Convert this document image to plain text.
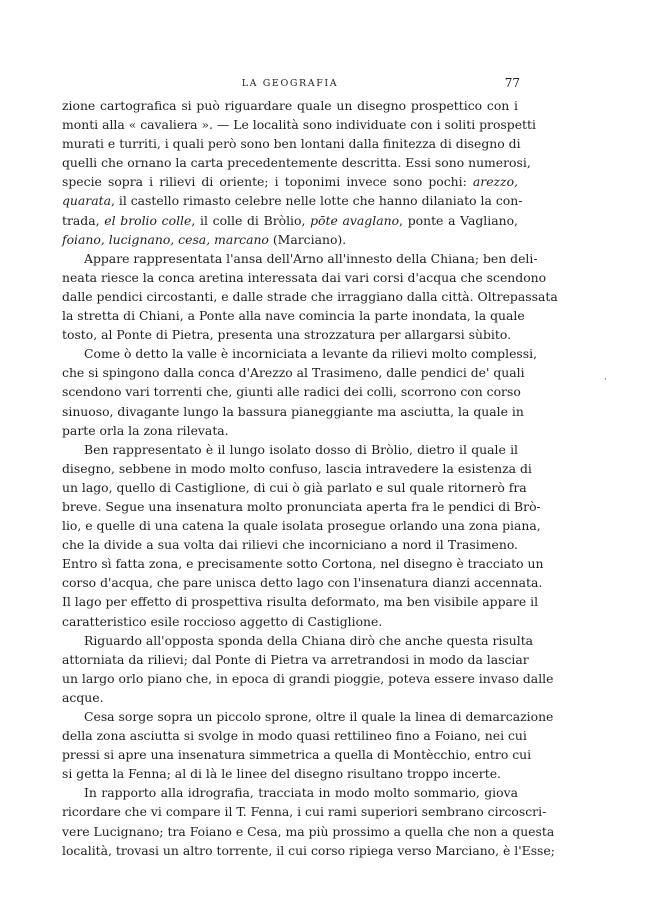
LA GEOGRAFIA	77
·
zione cartografica si può riguardare quale un disegno prospettico con i
monti alla « cavaliera ». — Le località sono individuate con i soliti prospetti
murati e turriti, i quali però sono ben lontani dalla finitezza di disegno di
quelli che ornano la carta precedentemente descritta. Essi sono numerosi,
specie sopra i rilievi di oriente; i toponimi invece sono pochi: arezzo,
quarata, il castello rimasto celebre nelle lotte che hanno dilaniato la con-
trada, el brolio colle, il colle di Bròlio, pōte avaglano, ponte a Vagliano,
foiano, lucignano, cesa, marcano (Marciano).
Appare rappresentata l'ansa dell'Arno all'innesto della Chiana; ben deli-
neata riesce la conca aretina interessata dai vari corsi d'acqua che scendono
dalle pendici circostanti, e dalle strade che irraggiano dalla città. Oltrepassata
la stretta di Chiani, a Ponte alla nave comincia la parte inondata, la quale
tosto, al Ponte di Pietra, presenta una strozzatura per allargarsi sùbito.
Come ò detto la valle è incorniciata a levante da rilievi molto complessi,
che si spingono dalla conca d'Arezzo al Trasimeno, dalle pendici de' quali
scendono vari torrenti che, giunti alle radici dei colli, scorrono con corso
sinuoso, divagante lungo la bassura pianeggiante ma asciutta, la quale in
parte orla la zona rilevata.
Ben rappresentato è il lungo isolato dosso di Bròlio, dietro il quale il
disegno, sebbene in modo molto confuso, lascia intravedere la esistenza di
un lago, quello di Castiglione, di cui ò già parlato e sul quale ritornerò fra
breve. Segue una insenatura molto pronunciata aperta fra le pendici di Brò-
lio, e quelle di una catena la quale isolata prosegue orlando una zona piana,
che la divide a sua volta dai rilievi che incorniciano a nord il Trasimeno.
Entro sì fatta zona, e precisamente sotto Cortona, nel disegno è tracciato un
corso d'acqua, che pare unisca detto lago con l'insenatura dianzi accennata.
Il lago per effetto di prospettiva risulta deformato, ma ben visibile appare il
caratteristico esile roccioso aggetto di Castiglione.
Riguardo all'opposta sponda della Chiana dirò che anche questa risulta
attorniata da rilievi; dal Ponte di Pietra va arretrandosi in modo da lasciar
un largo orlo piano che, in epoca di grandi pioggie, poteva essere invaso dalle
acque.
Cesa sorge sopra un piccolo sprone, oltre il quale la linea di demarcazione
della zona asciutta si svolge in modo quasi rettilineo fino a Foiano, nei cui
pressi si apre una insenatura simmetrica a quella di Montècchio, entro cui
si getta la Fenna; al di là le linee del disegno risultano troppo incerte.
In rapporto alla idrografia, tracciata in modo molto sommario, giova
ricordare che vi compare il T. Fenna, i cui rami superiori sembrano circoscri-
vere Lucignano; tra Foiano e Cesa, ma più prossimo a quella che non a questa
località, trovasi un altro torrente, il cui corso ripiega verso Marciano, è l'Esse;
